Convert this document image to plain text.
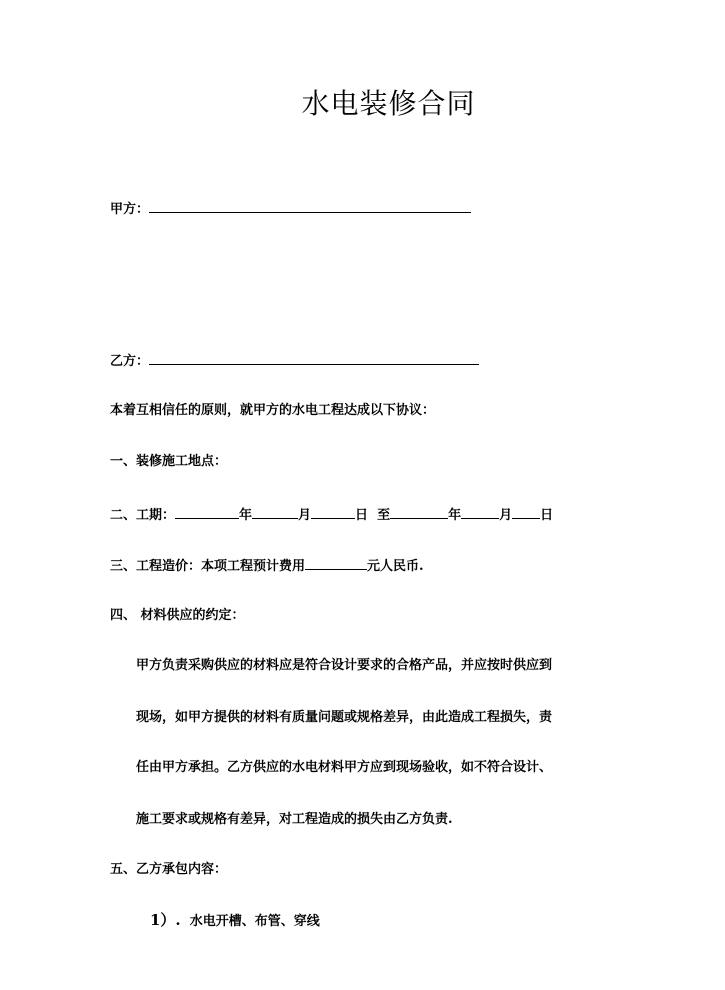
水电装修合同
甲方：
乙方：
本着互相信任的原则，就甲方的水电工程达成以下协议：
一、装修施工地点：
二、工期：	年	月	日 至	年	月 日
三、工程造价：本项工程预计费用	元人民币.
四、 材料供应的约定：
甲方负责采购供应的材料应是符合设计要求的合格产品，并应按时供应到
现场，如甲方提供的材料有质量问题或规格差异，由此造成工程损失，责
任由甲方承担。乙方供应的水电材料甲方应到现场验收，如不符合设计、
施工要求或规格有差异，对工程造成的损失由乙方负责.
五、乙方承包内容：
1）. 水电开槽、布管、穿线
